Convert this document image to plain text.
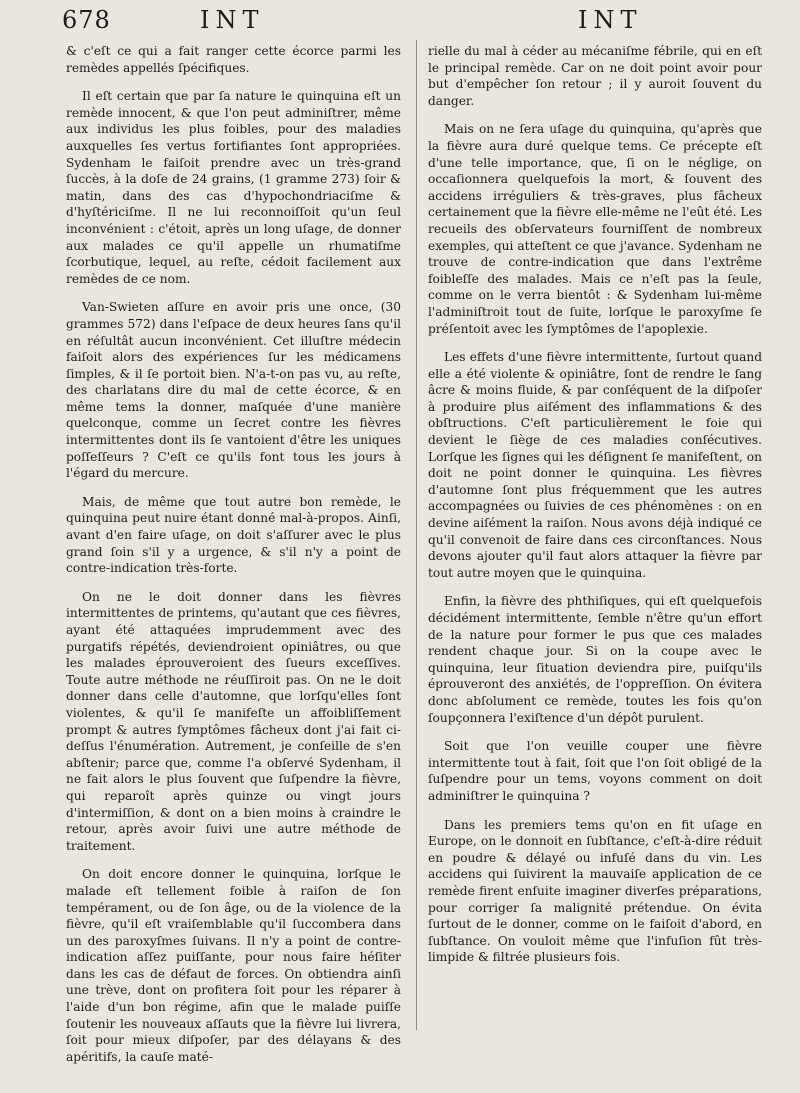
678	INT	INT

& c'eſt ce qui a fait ranger cette écorce parmi les remèdes appellés ſpécifiques.

Il eſt certain que par ſa nature le quinquina eſt un remède innocent, & que l'on peut adminiſtrer, même aux individus les plus foibles, pour des maladies auxquelles ſes vertus fortifiantes ſont appropriées. Sydenham le faiſoit prendre avec un très-grand ſuccès, à la doſe de 24 grains, (1 gramme 273) ſoir & matin, dans des cas d'hypochondriaciſme & d'hyſtériciſme. Il ne lui reconnoiſſoit qu'un ſeul inconvénient : c'étoit, après un long uſage, de donner aux malades ce qu'il appelle un rhumatiſme ſcorbutique, lequel, au reſte, cédoit facilement aux remèdes de ce nom.

Van-Swieten aſſure en avoir pris une once, (30 grammes 572) dans l'eſpace de deux heures ſans qu'il en réſultât aucun inconvénient. Cet illuſtre médecin faiſoit alors des expériences ſur les médicamens ſimples, & il ſe portoit bien. N'a-t-on pas vu, au reſte, des charlatans dire du mal de cette écorce, & en même tems la donner, maſquée d'une manière quelconque, comme un ſecret contre les fièvres intermittentes dont ils ſe vantoient d'être les uniques poſſeſſeurs ? C'eſt ce qu'ils font tous les jours à l'égard du mercure.

Mais, de même que tout autre bon remède, le quinquina peut nuire étant donné mal-à-propos. Ainſi, avant d'en faire uſage, on doit s'aſſurer avec le plus grand ſoin s'il y a urgence, & s'il n'y a point de contre-indication très-forte.

On ne le doit donner dans les fièvres intermittentes de printems, qu'autant que ces fièvres, ayant été attaquées imprudemment avec des purgatifs répétés, deviendroient opiniâtres, ou que les malades éprouveroient des ſueurs exceſſives. Toute autre méthode ne réuſſiroit pas. On ne le doit donner dans celle d'automne, que lorſqu'elles ſont violentes, & qu'il ſe manifeſte un affoibliſſement prompt & autres ſymptômes fâcheux dont j'ai fait ci-deſſus l'énumération. Autrement, je conſeille de s'en abſtenir; parce que, comme l'a obſervé Sydenham, il ne fait alors le plus ſouvent que ſuſpendre la fièvre, qui reparoît après quinze ou vingt jours d'intermiſſion, & dont on a bien moins à craindre le retour, après avoir ſuivi une autre méthode de traitement.

On doit encore donner le quinquina, lorſque le malade eſt tellement foible à raiſon de ſon tempérament, ou de ſon âge, ou de la violence de la fièvre, qu'il eſt vraiſemblable qu'il ſuccombera dans un des paroxyſmes ſuivans. Il n'y a point de contre-indication aſſez puiſſante, pour nous faire héſiter dans les cas de défaut de forces. On obtiendra ainſi une trève, dont on profitera ſoit pour les réparer à l'aide d'un bon régime, afin que le malade puiſſe ſoutenir les nouveaux aſſauts que la fièvre lui livrera, ſoit pour mieux diſpoſer, par des délayans & des apéritifs, la cauſe maté-

rielle du mal à céder au mécaniſme fébrile, qui en eſt le principal remède. Car on ne doit point avoir pour but d'empêcher ſon retour ; il y auroit ſouvent du danger.

Mais on ne ſera uſage du quinquina, qu'après que la fièvre aura duré quelque tems. Ce précepte eſt d'une telle importance, que, ſi on le néglige, on occaſionnera quelquefois la mort, & ſouvent des accidens irréguliers & très-graves, plus fâcheux certainement que la fièvre elle-même ne l'eût été. Les recueils des obſervateurs fourniſſent de nombreux exemples, qui atteſtent ce que j'avance. Sydenham ne trouve de contre-indication que dans l'extrême foibleſſe des malades. Mais ce n'eſt pas la ſeule, comme on le verra bientôt : & Sydenham lui-même l'adminiſtroit tout de ſuite, lorſque le paroxyſme ſe préſentoit avec les ſymptômes de l'apoplexie.

Les effets d'une fièvre intermittente, ſurtout quand elle a été violente & opiniâtre, ſont de rendre le ſang âcre & moins fluide, & par conſéquent de la diſpoſer à produire plus aiſément des inflammations & des obſtructions. C'eſt particulièrement le foie qui devient le ſiège de ces maladies conſécutives. Lorſque les ſignes qui les déſignent ſe manifeſtent, on doit ne point donner le quinquina. Les fièvres d'automne ſont plus fréquemment que les autres accompagnées ou ſuivies de ces phénomènes : on en devine aiſément la raiſon. Nous avons déjà indiqué ce qu'il convenoit de faire dans ces circonſtances. Nous devons ajouter qu'il faut alors attaquer la fièvre par tout autre moyen que le quinquina.

Enfin, la fièvre des phthiſiques, qui eſt quelquefois décidément intermittente, ſemble n'être qu'un effort de la nature pour former le pus que ces malades rendent chaque jour. Si on la coupe avec le quinquina, leur ſituation deviendra pire, puiſqu'ils éprouveront des anxiétés, de l'oppreſſion. On évitera donc abſolument ce remède, toutes les fois qu'on ſoupçonnera l'exiſtence d'un dépôt purulent.

Soit que l'on veuille couper une fièvre intermittente tout à fait, ſoit que l'on ſoit obligé de la ſuſpendre pour un tems, voyons comment on doit adminiſtrer le quinquina ?

Dans les premiers tems qu'on en fit uſage en Europe, on le donnoit en ſubſtance, c'eſt-à-dire réduit en poudre & délayé ou infuſé dans du vin. Les accidens qui ſuivirent la mauvaiſe application de ce remède firent enſuite imaginer diverſes préparations, pour corriger ſa malignité prétendue. On évita ſurtout de le donner, comme on le faiſoit d'abord, en ſubſtance. On vouloit même que l'infuſion fût très-limpide & filtrée plusieurs fois.
